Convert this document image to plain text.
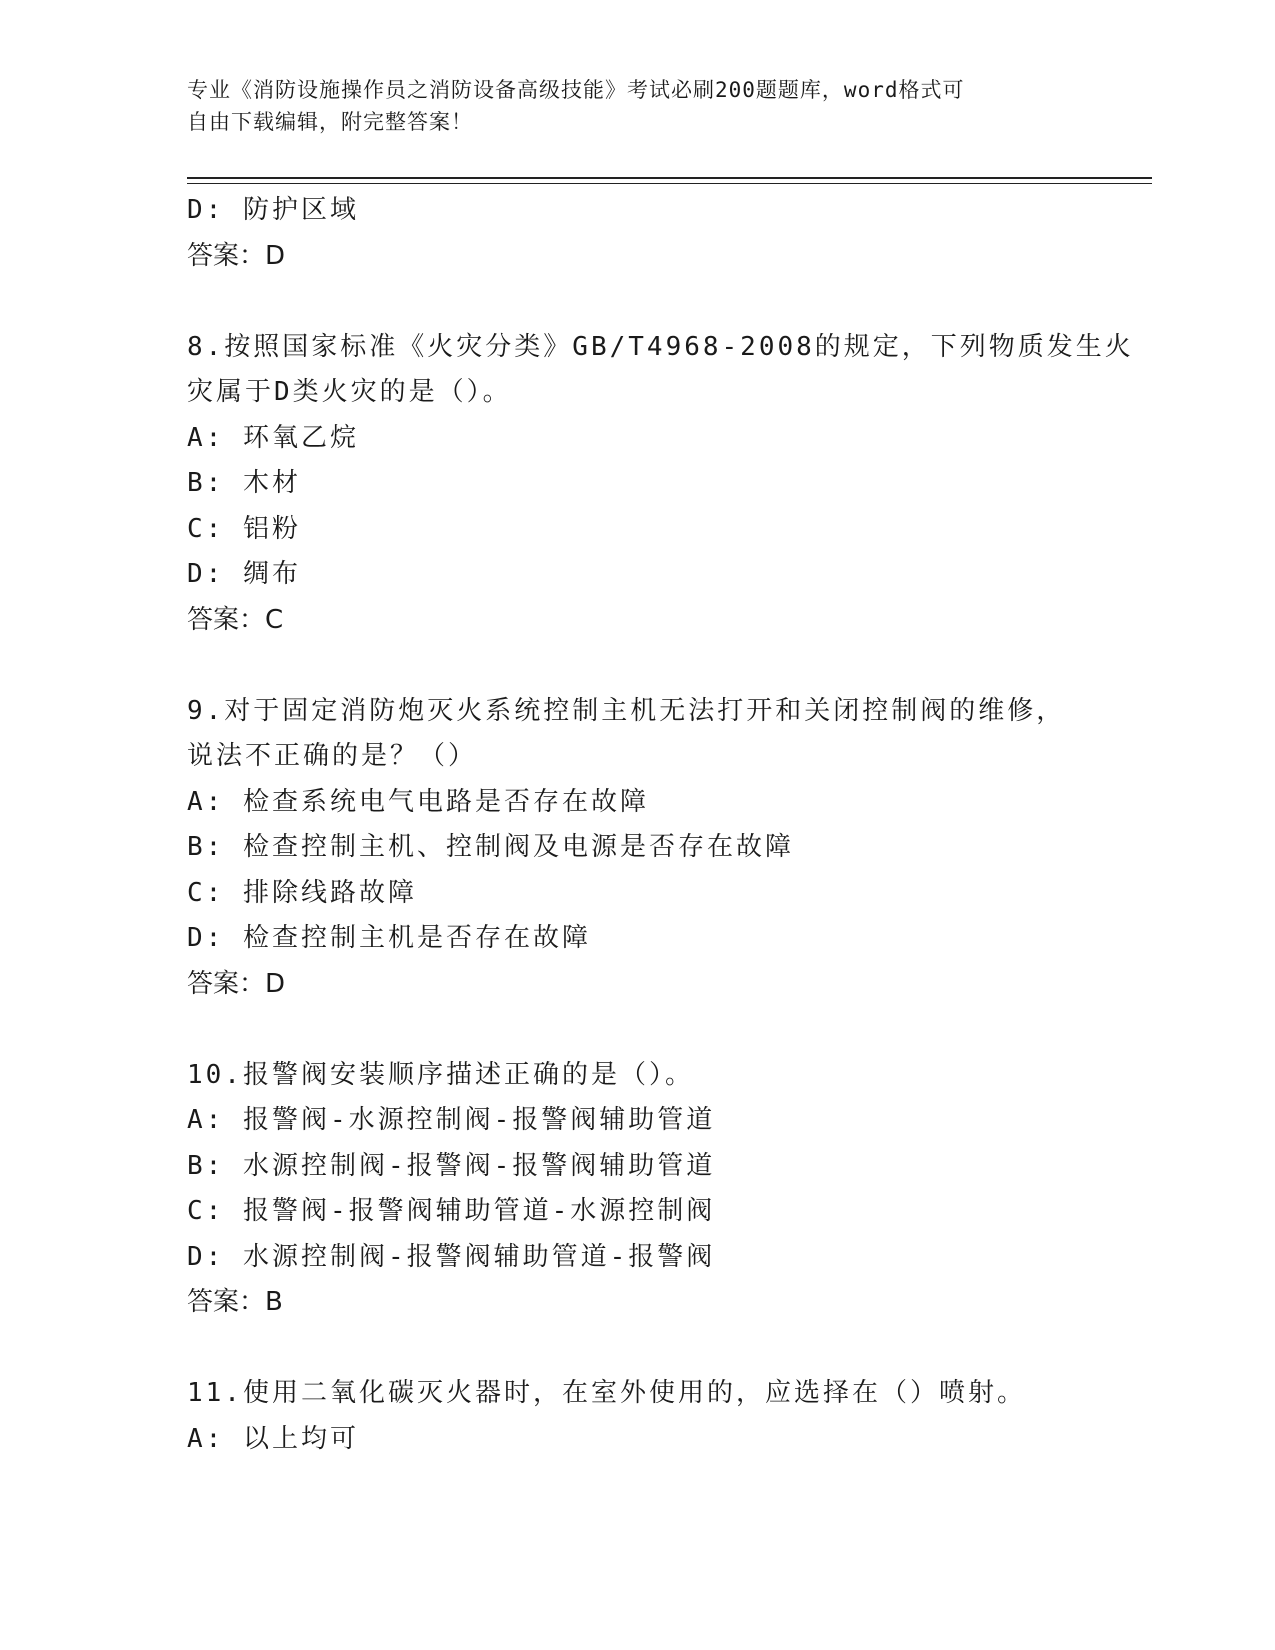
专业《消防设施操作员之消防设备高级技能》考试必刷200题题库，word格式可
自由下载编辑，附完整答案！
D: 防护区域
答案：D
8.按照国家标准《火灾分类》GB/T4968-2008的规定，下列物质发生火
灾属于D类火灾的是（）。
A: 环氧乙烷
B: 木材
C: 铝粉
D: 绸布
答案：C
9.对于固定消防炮灭火系统控制主机无法打开和关闭控制阀的维修，
说法不正确的是？（）
A: 检查系统电气电路是否存在故障
B: 检查控制主机、控制阀及电源是否存在故障
C: 排除线路故障
D: 检查控制主机是否存在故障
答案：D
10.报警阀安装顺序描述正确的是（）。
A: 报警阀-水源控制阀-报警阀辅助管道
B: 水源控制阀-报警阀-报警阀辅助管道
C: 报警阀-报警阀辅助管道-水源控制阀
D: 水源控制阀-报警阀辅助管道-报警阀
答案：B
11.使用二氧化碳灭火器时，在室外使用的，应选择在（）喷射。
A: 以上均可
